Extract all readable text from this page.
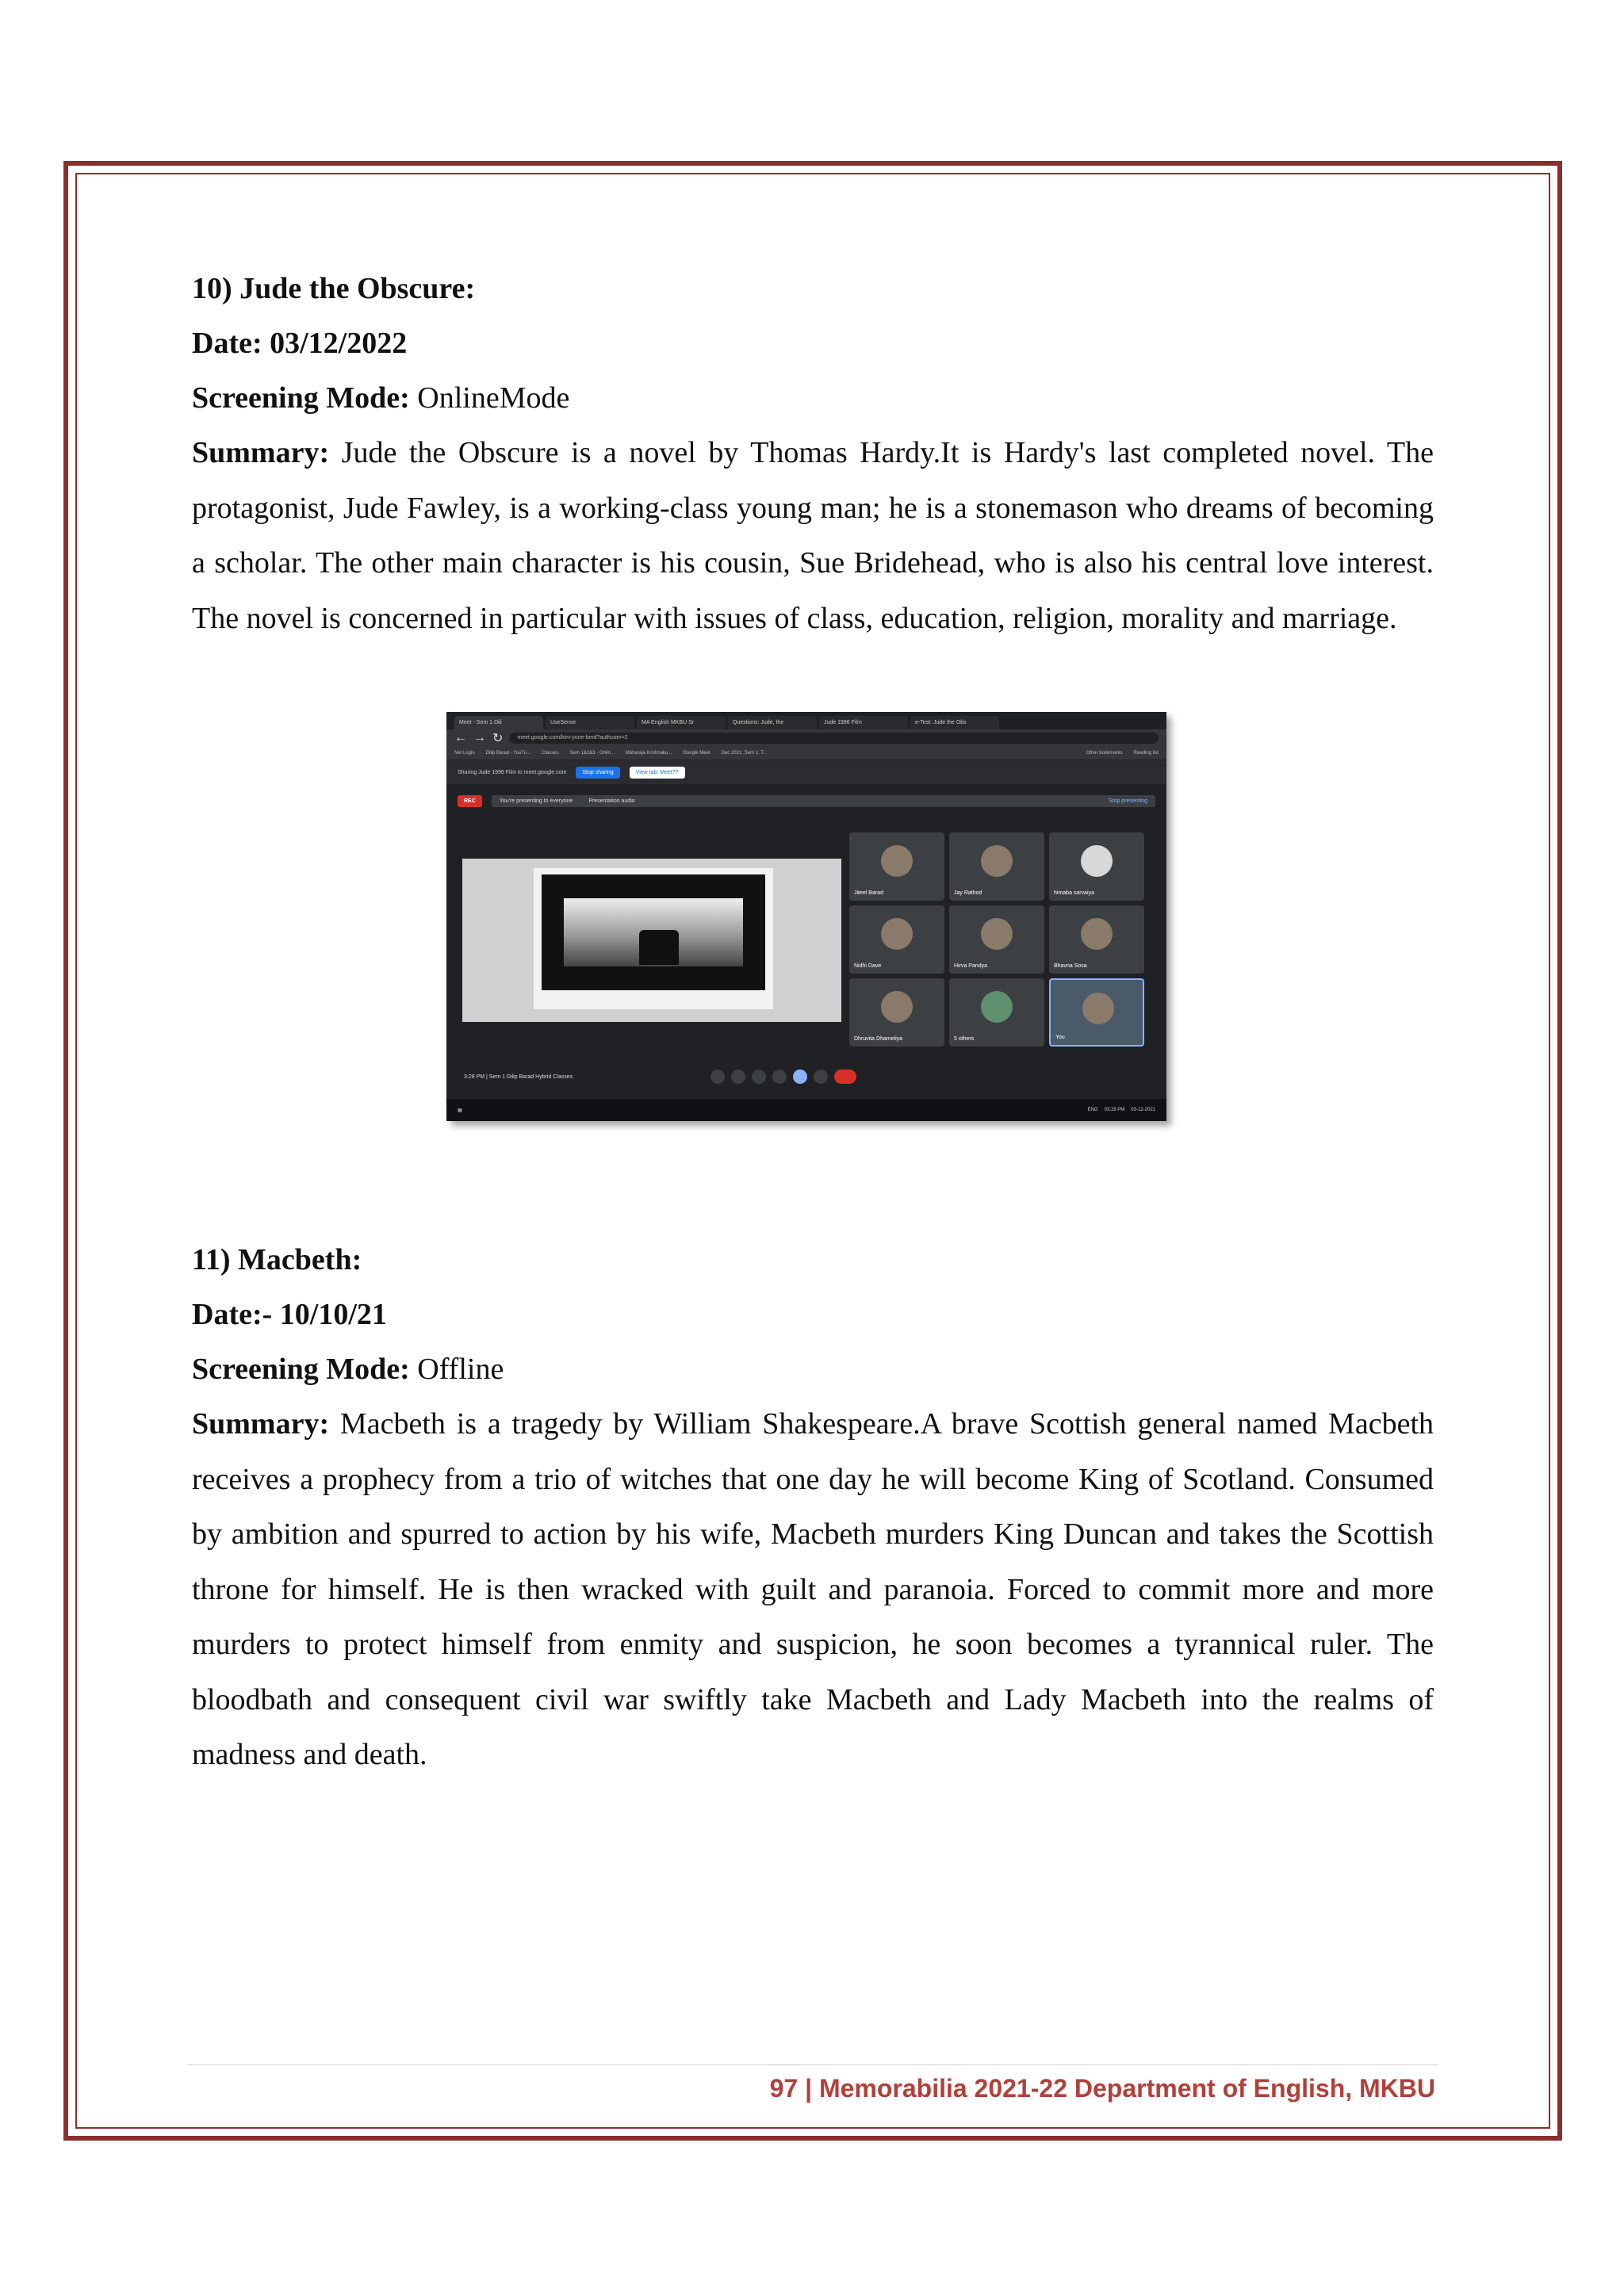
10) Jude the Obscure:

Date: 03/12/2022

Screening Mode: OnlineMode

Summary: Jude the Obscure is a novel by Thomas Hardy.It is Hardy's last completed novel. The protagonist, Jude Fawley, is a working-class young man; he is a stonemason who dreams of becoming a scholar. The other main character is his cousin, Sue Bridehead, who is also his central love interest. The novel is concerned in particular with issues of class, education, religion, morality and marriage.

Meet - Sem 1 Dili	UseSense	MA English MKBU Sr	Questions: Jude, the	Jude 1996 Film	e-Test: Jude the Obs
← → ↻	meet.google.com/kim-yone-bmd?authuser=2
Net Login Dilip Barad - YouTu... Classes Sem 1&2&3 - Onlin... Maharaja Krishnaku... Google Meet Dec 2021: Sem 1: T...	Other bookmarks Reading list
Sharing Jude 1996 Film to meet.google.com	Stop sharing	View tab: Meet??
REC	You're presenting to everyone	Presentation audio	Stop presenting
Jiteel Barad	Jay Rathod	himaba sarvaiya
Nidhi Dave	Hirva Pandya	Bhavna Sosa
Dhruvita Dhameliya	5 others	You
3:28 PM | Sem 1 Dilip Barad Hybrid Classes

▦	ENG 03:28 PM 03-12-2021

11) Macbeth:

Date:- 10/10/21

Screening Mode: Offline

Summary: Macbeth is a tragedy by William Shakespeare.A brave Scottish general named Macbeth receives a prophecy from a trio of witches that one day he will become King of Scotland. Consumed by ambition and spurred to action by his wife, Macbeth murders King Duncan and takes the Scottish throne for himself. He is then wracked with guilt and paranoia. Forced to commit more and more murders to protect himself from enmity and suspicion, he soon becomes a tyrannical ruler. The bloodbath and consequent civil war swiftly take Macbeth and Lady Macbeth into the realms of madness and death.

97 | Memorabilia 2021-22 Department of English, MKBU
